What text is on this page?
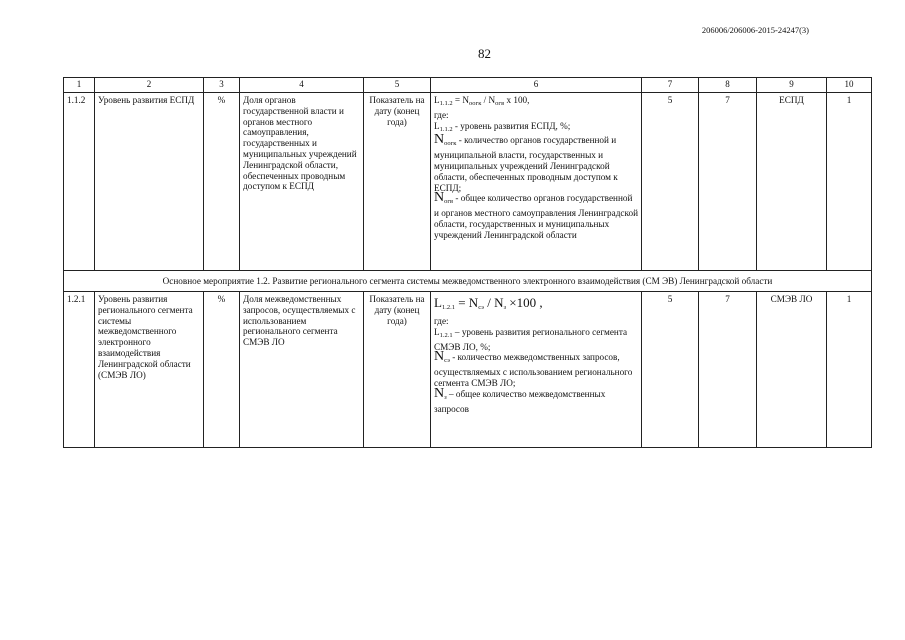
206006/206006-2015-24247(3)
82
1	2	3	4	5	6	7	8	9	10
1.1.2	Уровень развития ЕСПД	%	Доля органов государственной власти и органов местного самоуправления, государственных и муниципальных учреждений Ленинградской области, обеспеченных проводным доступом к ЕСПД	Показатель на дату (конец года)	$L_{1.1.2} = N_{оогк} / N_{огв}$ x 100,
где:
$L_{1.1.2}$ - уровень развития ЕСПД, %;
$N_{оогк}$ - количество органов государственной и муниципальной власти, государственных и муниципальных учреждений Ленинградской области, обеспеченных проводным доступом к ЕСПД;
$N_{огв}$ - общее количество органов государственной и органов местного самоуправления Ленинградской области, государственных и муниципальных учреждений Ленинградской области	5	7	ЕСПД	1
Основное мероприятие 1.2. Развитие регионального сегмента системы межведомственного электронного взаимодействия (СМ ЭВ) Ленинградской области									
1.2.1	Уровень развития регионального сегмента системы межведомственного электронного взаимодействия Ленинградской области (СМЭВ ЛО)	%	Доля межведомственных запросов, осуществляемых с использованием регионального сегмента СМЭВ ЛО	Показатель на дату (конец года)	$L_{1.2.1} = N_{сэ} / N_з \times 100$ ,
где:
$L_{1.2.1}$ – уровень развития регионального сегмента СМЭВ ЛО, %;
$N_{сэ}$ - количество межведомственных запросов, осуществляемых с использованием регионального сегмента СМЭВ ЛО;
$N_з$ – общее количество межведомственных запросов	5	7	СМЭВ ЛО	1
